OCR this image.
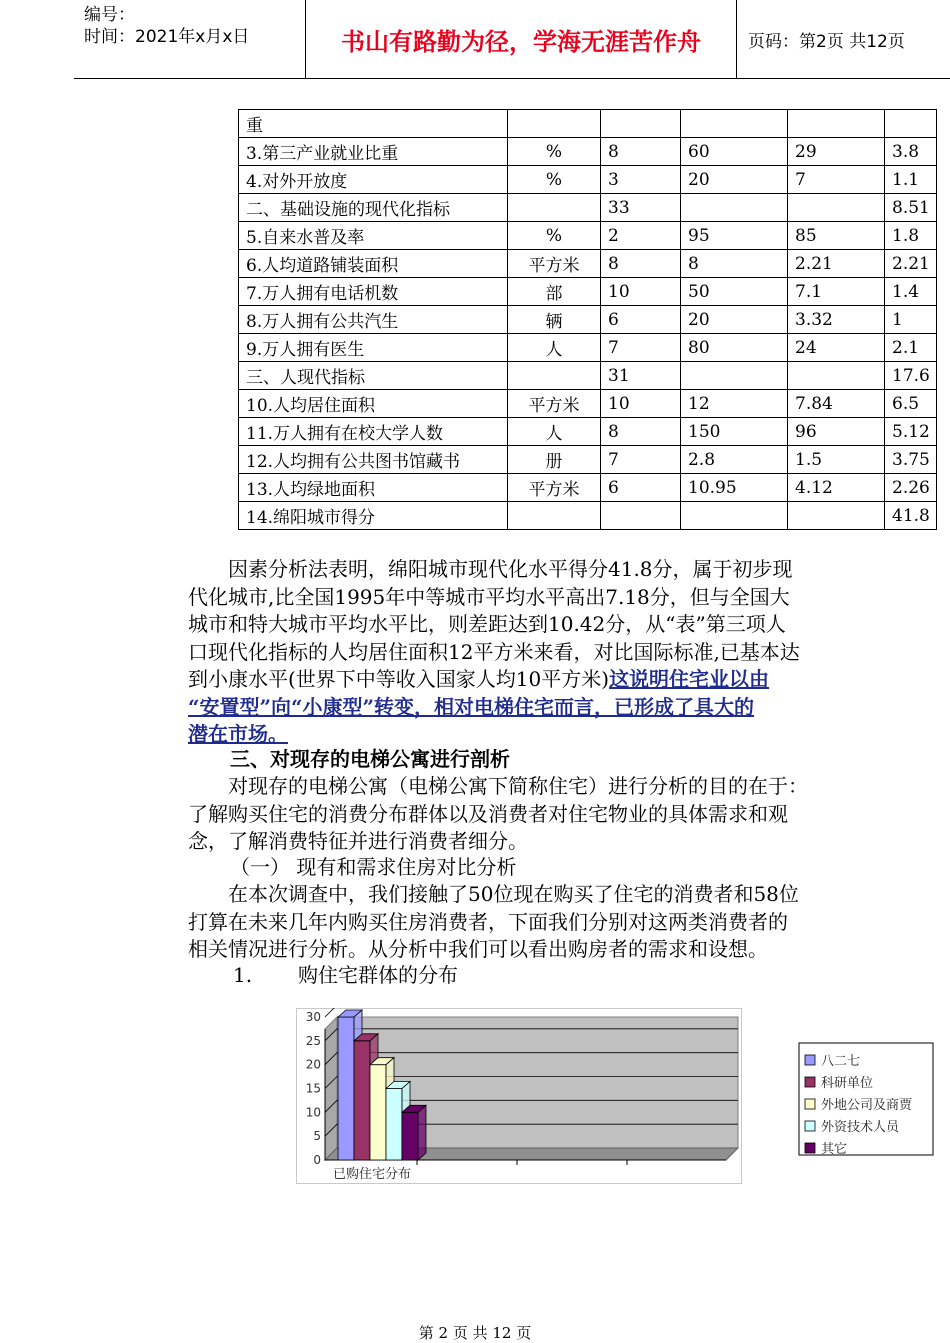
编号：
时间：2021年x月x日	书山有路勤为径，学海无涯苦作舟	页码：第2页 共12页
重					
3.第三产业就业比重	%	8	60	29	3.8
4.对外开放度	%	3	20	7	1.1
二、基础设施的现代化指标		33			8.51
5.自来水普及率	%	2	95	85	1.8
6.人均道路铺装面积	平方米	8	8	2.21	2.21
7.万人拥有电话机数	部	10	50	7.1	1.4
8.万人拥有公共汽生	辆	6	20	3.32	1
9.万人拥有医生	人	7	80	24	2.1
三、人现代指标		31			17.6
10.人均居住面积	平方米	10	12	7.84	6.5
11.万人拥有在校大学人数	人	8	150	96	5.12
12.人均拥有公共图书馆藏书	册	7	2.8	1.5	3.75
13.人均绿地面积	平方米	6	10.95	4.12	2.26
14.绵阳城市得分					41.8
　　因素分析法表明，绵阳城市现代化水平得分41.8分，属于初步现
代化城市,比全国1995年中等城市平均水平高出7.18分，但与全国大
城市和特大城市平均水平比，则差距达到10.42分，从“表”第三项人
口现代化指标的人均居住面积12平方米来看，对比国际标准,已基本达
到小康水平(世界下中等收入国家人均10平方米)这说明住宅业以由
“安置型”向“小康型”转变，相对电梯住宅而言，已形成了具大的
潜在市场。
三、对现存的电梯公寓进行剖析
对现存的电梯公寓（电梯公寓下简称住宅）进行分析的目的在于：
了解购买住宅的消费分布群体以及消费者对住宅物业的具体需求和观
念，了解消费特征并进行消费者细分。
（一） 现有和需求住房对比分析
在本次调查中，我们接触了50位现在购买了住宅的消费者和58位
打算在未来几年内购买住房消费者，下面我们分别对这两类消费者的
相关情况进行分析。从分析中我们可以看出购房者的需求和设想。
1. 购住宅群体的分布
0
5
10
15
20
25
30
已购住宅分布
八二七
科研单位
外地公司及商贾
外资技术人员
其它
第 2 页 共 12 页
